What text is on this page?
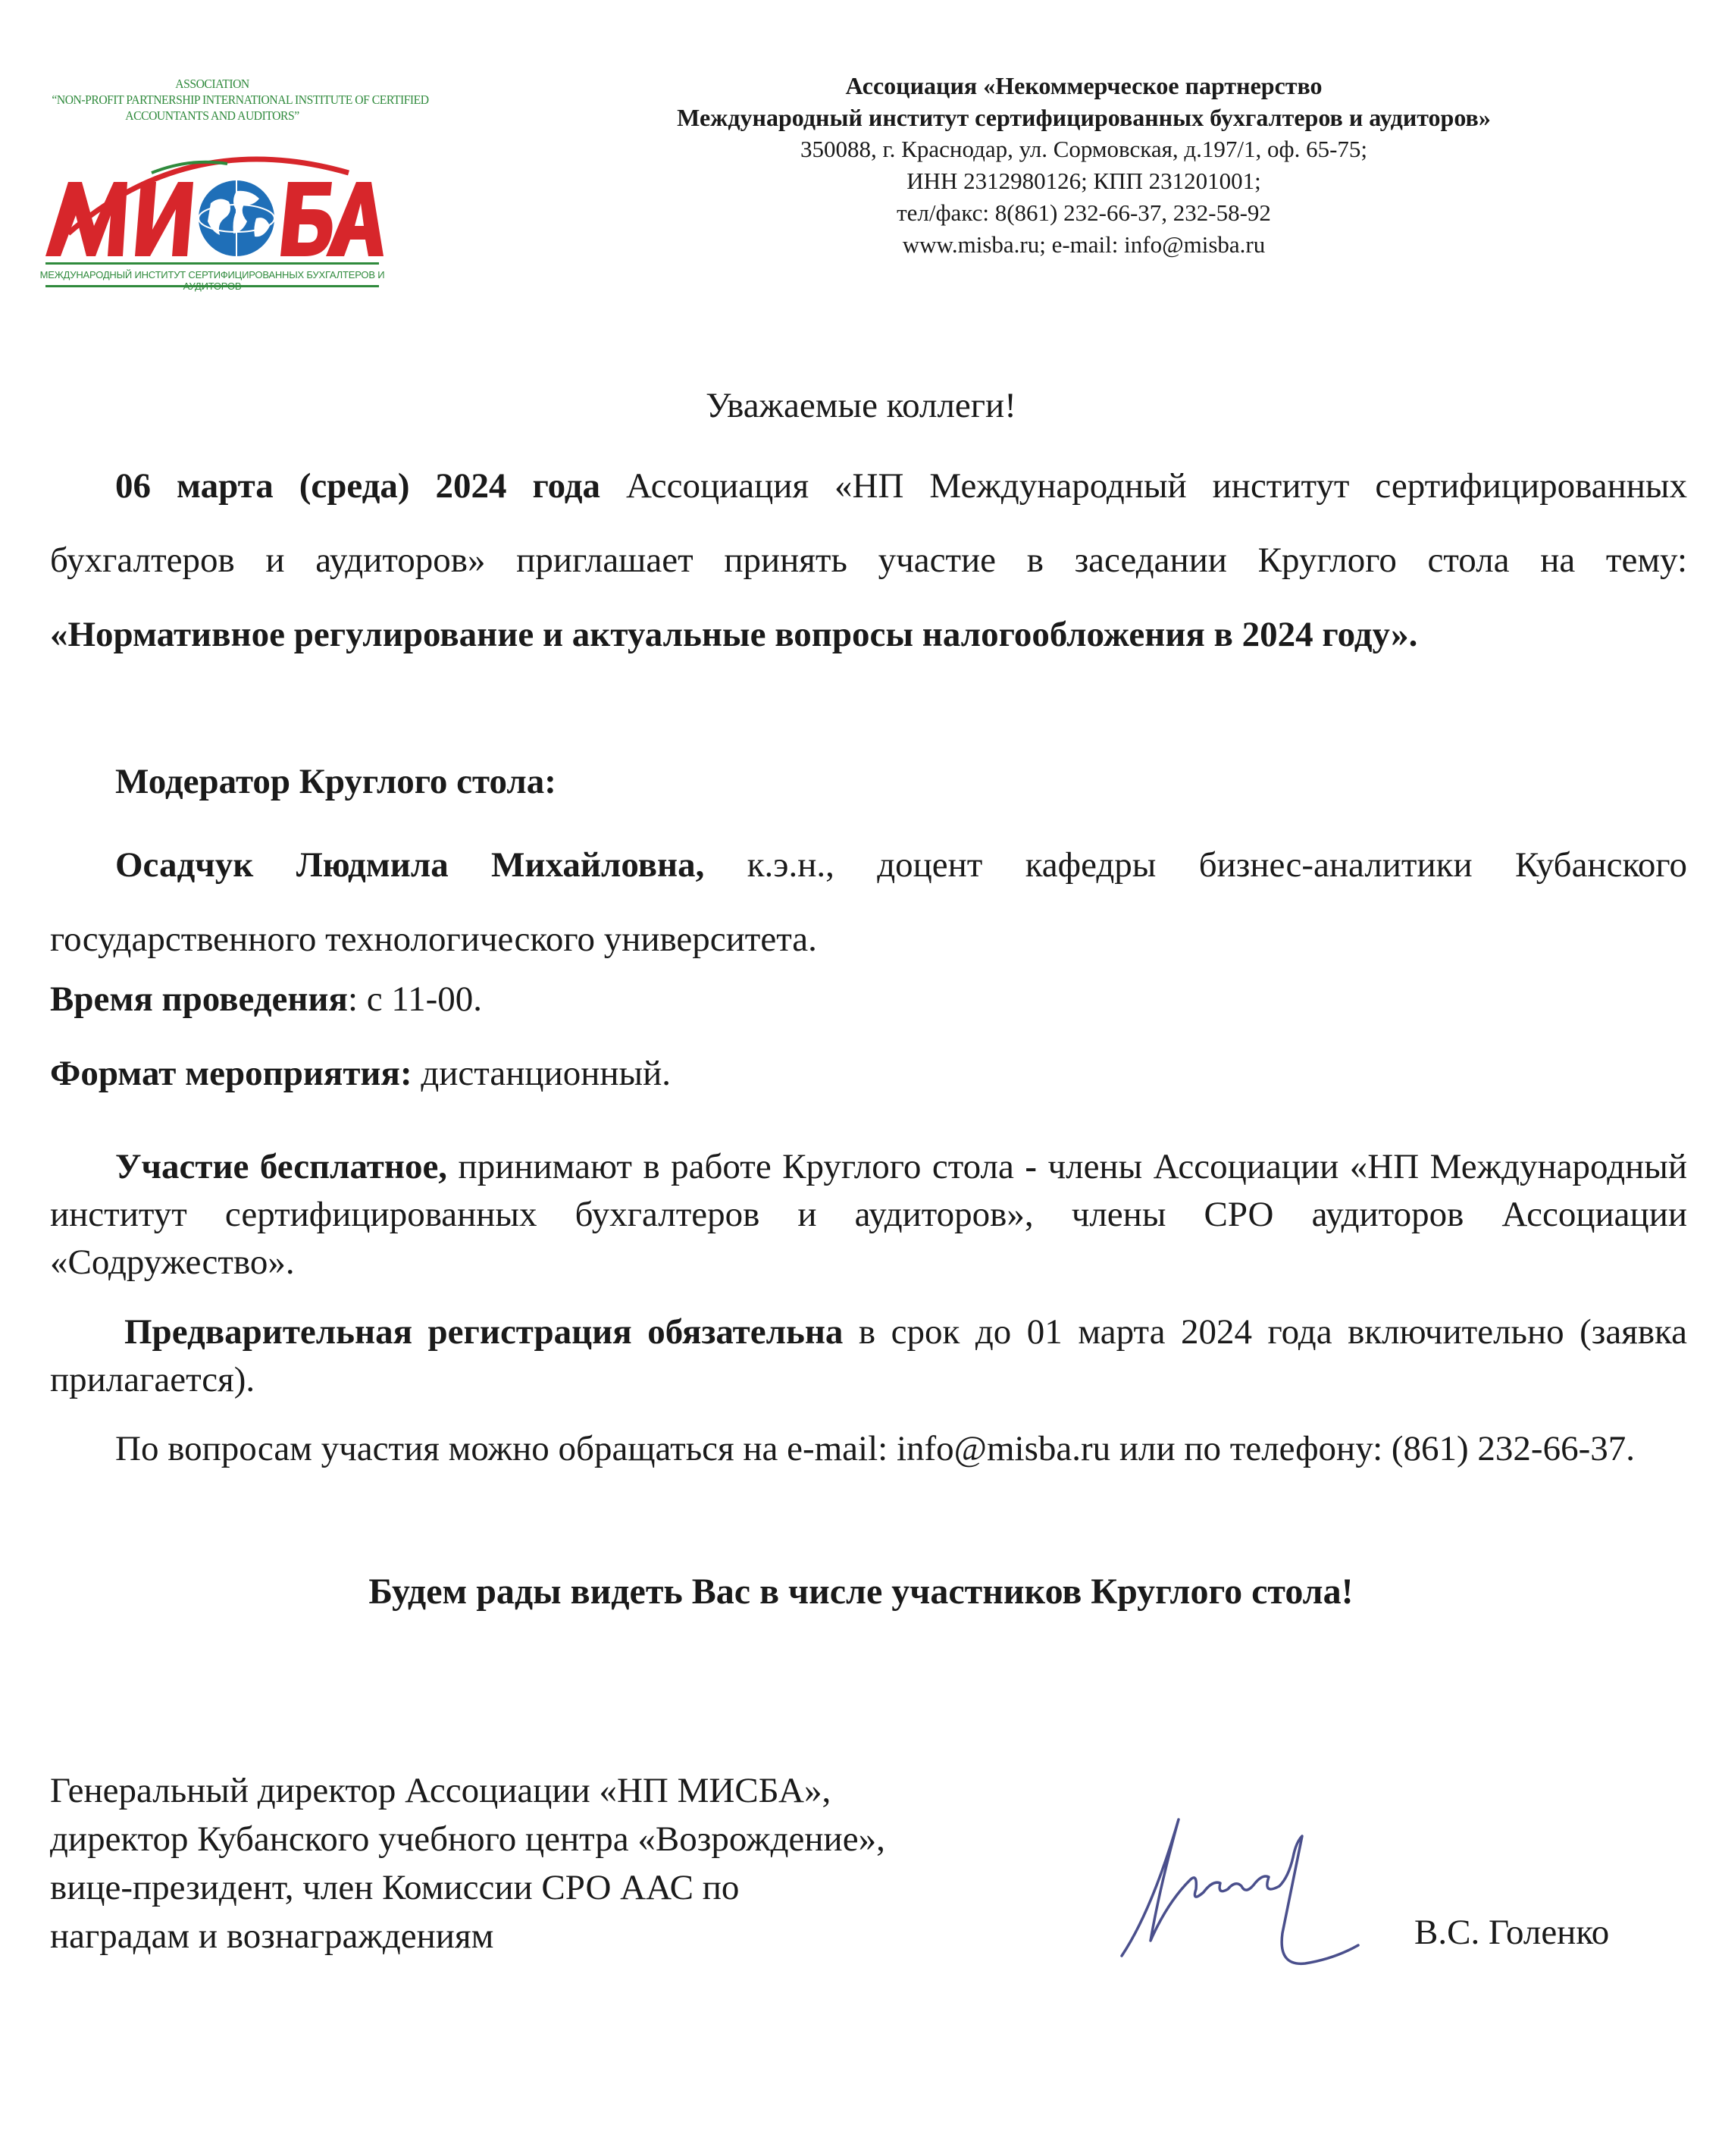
ASSOCIATION
“NON-PROFIT PARTNERSHIP INTERNATIONAL INSTITUTE OF CERTIFIED
ACCOUNTANTS AND AUDITORS”
МЕЖДУНАРОДНЫЙ ИНСТИТУТ СЕРТИФИЦИРОВАННЫХ БУХГАЛТЕРОВ И
Ассоциация «Некоммерческое партнерство
Международный институт сертифицированных бухгалтеров и аудиторов»
350088, г. Краснодар, ул. Сормовская, д.197/1, оф. 65-75;
ИНН 2312980126; КПП 231201001;
тел/факс: 8(861) 232-66-37, 232-58-92
www.misba.ru; e-mail: info@misba.ru
Уважаемые коллеги!
06 марта (среда) 2024 года Ассоциация «НП Международный институт сертифицированных бухгалтеров и аудиторов» приглашает принять участие в заседании Круглого стола на тему: «Нормативное регулирование и актуальные вопросы налогообложения в 2024 году».
Модератор Круглого стола:
Осадчук Людмила Михайловна, к.э.н., доцент кафедры бизнес-аналитики Кубанского государственного технологического университета.
Время проведения: с 11-00.
Формат мероприятия: дистанционный.
Участие бесплатное, принимают в работе Круглого стола - члены Ассоциации «НП Международный институт сертифицированных бухгалтеров и аудиторов», члены СРО аудиторов Ассоциации «Содружество».
Предварительная регистрация обязательна в срок до 01 марта 2024 года включительно (заявка прилагается).
По вопросам участия можно обращаться на e-mail: info@misba.ru или по телефону: (861) 232-66-37.
Будем рады видеть Вас в числе участников Круглого стола!
Генеральный директор Ассоциации «НП МИСБА»,
директор Кубанского учебного центра «Возрождение»,
вице-президент, член Комиссии СРО ААС по
наградам и вознаграждениям	В.С. Голенко
